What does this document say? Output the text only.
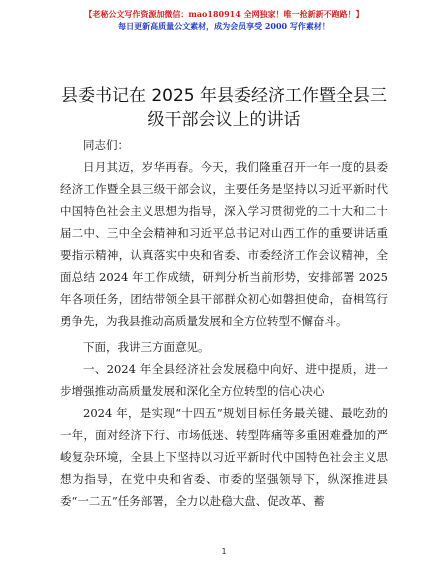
【老秘公文写作资源加微信：mao180914 全网独家！唯一抢新新不跑路！】
每日更新高质量公文素材，成为会员享受 2000 写作素材！
县委书记在 2025 年县委经济工作暨全县三级干部会议上的讲话

同志们：

日月其迈，岁华再春。今天，我们隆重召开一年一度的县委经济工作暨全县三级干部会议，主要任务是坚持以习近平新时代中国特色社会主义思想为指导，深入学习贯彻党的二十大和二十届二中、三中全会精神和习近平总书记对山西工作的重要讲话重要指示精神，认真落实中央和省委、市委经济工作会议精神，全面总结 2024 年工作成绩，研判分析当前形势，安排部署 2025 年各项任务，团结带领全县干部群众初心如磐担使命，奋楫笃行勇争先，为我县推动高质量发展和全方位转型不懈奋斗。

下面，我讲三方面意见。

一、2024 年全县经济社会发展稳中向好、进中提质，进一步增强推动高质量发展和深化全方位转型的信心决心

2024 年，是实现“十四五”规划目标任务最关键、最吃劲的一年，面对经济下行、市场低迷、转型阵痛等多重困难叠加的严峻复杂环境，全县上下坚持以习近平新时代中国特色社会主义思想为指导，在党中央和省委、市委的坚强领导下，纵深推进县委“一二五”任务部署，全力以赴稳大盘、促改革、蓄

1
